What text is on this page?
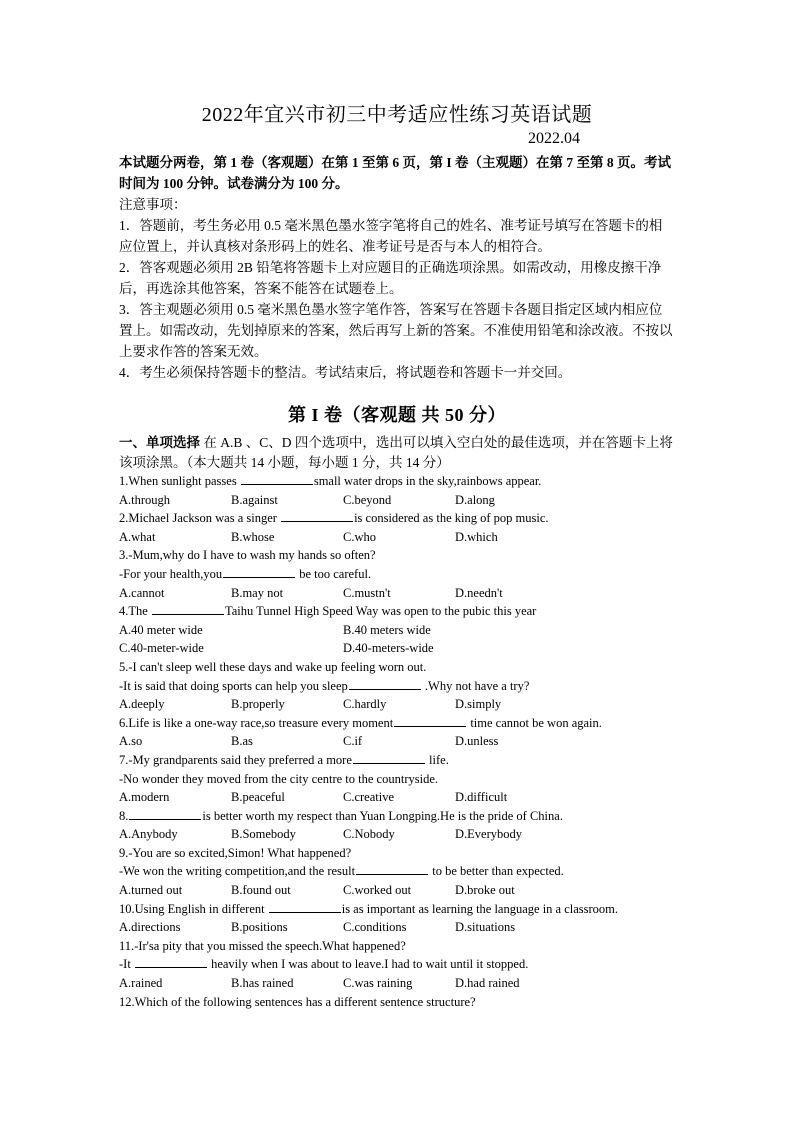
2022年宜兴市初三中考适应性练习英语试题
2022.04

本试题分两卷，第 1 卷（客观题）在第 1 至第 6 页，第 I 卷（主观题）在第 7 至第 8 页。考试时间为 100 分钟。试卷满分为 100 分。

注意事项：

1．答题前，考生务必用 0.5 毫米黑色墨水签字笔将自己的姓名、准考证号填写在答题卡的相应位置上，并认真核对条形码上的姓名、准考证号是否与本人的相符合。

2．答客观题必须用 2B 铅笔将答题卡上对应题目的正确选项涂黑。如需改动，用橡皮擦干净后，再选涂其他答案，答案不能答在试题卷上。

3．答主观题必须用 0.5 毫米黑色墨水签字笔作答，答案写在答题卡各题目指定区域内相应位置上。如需改动，先划掉原来的答案，然后再写上新的答案。不准使用铅笔和涂改液。不按以上要求作答的答案无效。

4．考生必须保持答题卡的整洁。考试结束后，将试题卷和答题卡一并交回。

第 I 卷（客观题 共 50 分）
一、单项选择 在 A.B 、C、D 四个选项中，选出可以填入空白处的最佳选项，并在答题卡上将该项涂黑。（本大题共 14 小题，每小题 1 分，共 14 分）
1.When sunlight passes	small water drops in the sky,rainbows appear.
A.through	B.against	C.beyond	D.along
2.Michael Jackson was a singer	is considered as the king of pop music.
A.what	B.whose	C.who	D.which
3.-Mum,why do I have to wash my hands so often?
-For your health,you	be too careful.
A.cannot	B.may not	C.mustn't	D.needn't
4.The	Taihu Tunnel High Speed Way was open to the pubic this year
A.40 meter wide	B.40 meters wide
C.40-meter-wide	D.40-meters-wide
5.-I can't sleep well these days and wake up feeling worn out.
-It is said that doing sports can help you sleep	.Why not have a try?
A.deeply	B.properly	C.hardly	D.simply
6.Life is like a one-way race,so treasure every moment	time cannot be won again.
A.so	B.as	C.if	D.unless
7.-My grandparents said they preferred a more	life.
-No wonder they moved from the city centre to the countryside.
A.modern	B.peaceful	C.creative	D.difficult
8.	is better worth my respect than Yuan Longping.He is the pride of China.
A.Anybody	B.Somebody	C.Nobody	D.Everybody
9.-You are so excited,Simon! What happened?
-We won the writing competition,and the result	to be better than expected.
A.turned out	B.found out	C.worked out	D.broke out
10.Using English in different	is as important as learning the language in a classroom.
A.directions	B.positions	C.conditions	D.situations
11.-Ir'sa pity that you missed the speech.What happened?
-It	heavily when I was about to leave.I had to wait until it stopped.
A.rained	B.has rained	C.was raining	D.had rained
12.Which of the following sentences has a different sentence structure?
